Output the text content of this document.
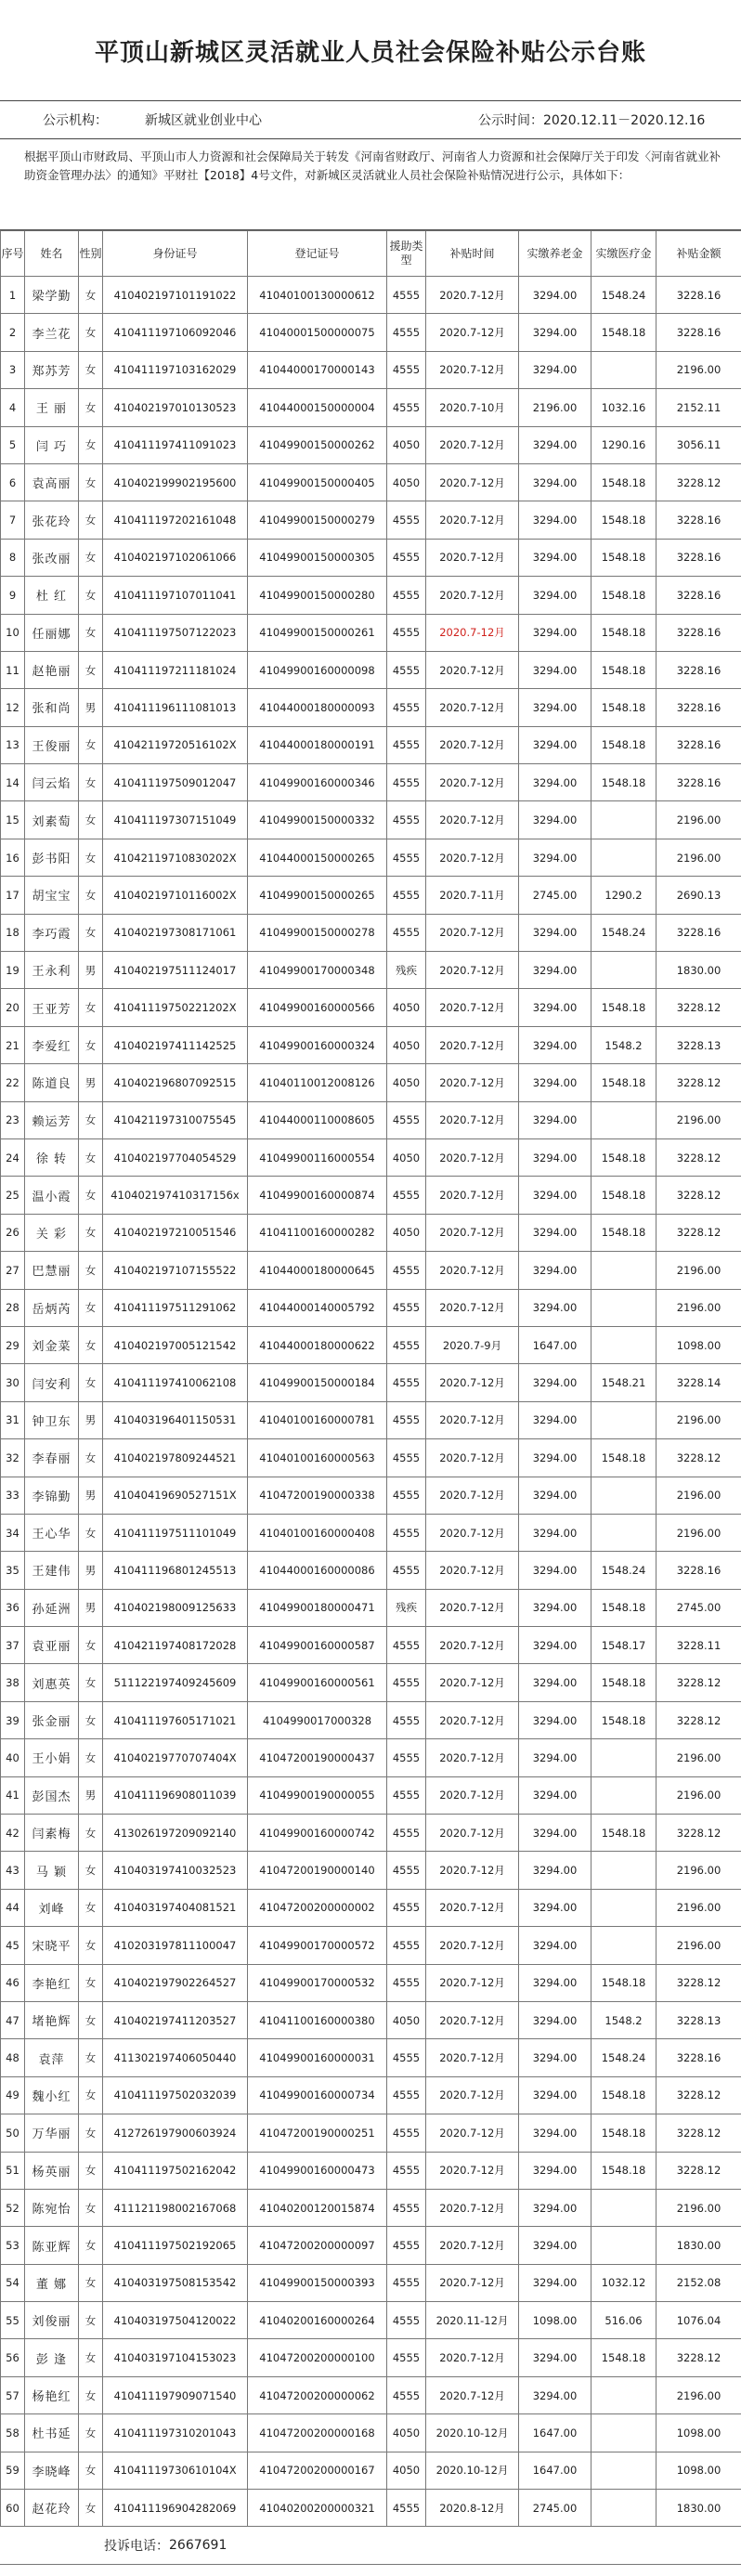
平顶山新城区灵活就业人员社会保险补贴公示台账
公示机构：	新城区就业创业中心	公示时间：2020.12.11－2020.12.16
根据平顶山市财政局、平顶山市人力资源和社会保障局关于转发《河南省财政厅、河南省人力资源和社会保障厅关于印发〈河南省就业补助资金管理办法〉的通知》平财社【2018】4号文件，对新城区灵活就业人员社会保险补贴情况进行公示，具体如下：
序号	姓名	性别	身份证号	登记证号	援助类型	补贴时间	实缴养老金	实缴医疗金	补贴金额
1	梁学勤	女	410402197101191022	41040100130000612	4555	2020.7-12月	3294.00	1548.24	3228.16
2	李兰花	女	410411197106092046	41040001500000075	4555	2020.7-12月	3294.00	1548.18	3228.16
3	郑苏芳	女	410411197103162029	41044000170000143	4555	2020.7-12月	3294.00		2196.00
4	王 丽	女	410402197010130523	41044000150000004	4555	2020.7-10月	2196.00	1032.16	2152.11
5	闫 巧	女	410411197411091023	41049900150000262	4050	2020.7-12月	3294.00	1290.16	3056.11
6	袁高丽	女	41040219990219560​0	41049900150000405	4050	2020.7-12月	3294.00	1548.18	3228.12
7	张花玲	女	410411197202161048	41049900150000279	4555	2020.7-12月	3294.00	1548.18	3228.16
8	张改丽	女	410402197102061066	41049900150000305	4555	2020.7-12月	3294.00	1548.18	3228.16
9	杜 红	女	410411197107011041	41049900150000280	4555	2020.7-12月	3294.00	1548.18	3228.16
10	任丽娜	女	410411197507122023	41049900150000261	4555	2020.7-12月	3294.00	1548.18	3228.16
11	赵艳丽	女	410411197211181024	41049900160000098	4555	2020.7-12月	3294.00	1548.18	3228.16
12	张和尚	男	410411196111081013	41044000180000093	4555	2020.7-12月	3294.00	1548.18	3228.16
13	王俊丽	女	41042119720516102X	41044000180000191	4555	2020.7-12月	3294.00	1548.18	3228.16
14	闫云焰	女	410411197509012047	41049900160000346	4555	2020.7-12月	3294.00	1548.18	3228.16
15	刘素萄	女	410411197307151049	41049900150000332	4555	2020.7-12月	3294.00		2196.00
16	彭书阳	女	41042119710830202X	41044000150000265	4555	2020.7-12月	3294.00		2196.00
17	胡宝宝	女	41040219710116002X	41049900150000265	4555	2020.7-11月	2745.00	1290.2	2690.13
18	李巧霞	女	410402197308171061	41049900150000278	4555	2020.7-12月	3294.00	1548.24	3228.16
19	王永利	男	410402197511124017	41049900170000348	残疾	2020.7-12月	3294.00		1830.00
20	王亚芳	女	41041119750221202X	41049900160000566	4050	2020.7-12月	3294.00	1548.18	3228.12
21	李爱红	女	410402197411142525	41049900160000324	4050	2020.7-12月	3294.00	1548.2	3228.13
22	陈道良	男	410402196807092515	41040110012008126	4050	2020.7-12月	3294.00	1548.18	3228.12
23	赖运芳	女	410421197310075545	41044000110008605	4555	2020.7-12月	3294.00		2196.00
24	徐 转	女	410402197704054529	41049900116000554	4050	2020.7-12月	3294.00	1548.18	3228.12
25	温小霞	女	41040219741031​7156x	41049900160000874	4555	2020.7-12月	3294.00	1548.18	3228.12
26	关 彩	女	410402197210051546	41041100160000282	4050	2020.7-12月	3294.00	1548.18	3228.12
27	巴慧丽	女	410402197107155522	41044000180000645	4555	2020.7-12月	3294.00		2196.00
28	岳炳芮	女	410411197511291062	41044000140005792	4555	2020.7-12月	3294.00		2196.00
29	刘金菜	女	410402197005121542	41044000180000622	4555	2020.7-9月	1647.00		1098.00
30	闫安利	女	410411197410062108	41049900150000184	4555	2020.7-12月	3294.00	1548.21	3228.14
31	钟卫东	男	410403196401150531	41040100160000781	4555	2020.7-12月	3294.00		2196.00
32	李春丽	女	410402197809244521	41040100160000563	4555	2020.7-12月	3294.00	1548.18	3228.12
33	李锦勤	男	41040419690527151X	41047200190000338	4555	2020.7-12月	3294.00		2196.00
34	王心华	女	410411197511101049	41040100160000408	4555	2020.7-12月	3294.00		2196.00
35	王建伟	男	410411196801245513	41044000160000086	4555	2020.7-12月	3294.00	1548.24	3228.16
36	孙延洲	男	410402198009125633	41049900180000471	残疾	2020.7-12月	3294.00	1548.18	2745.00
37	袁亚丽	女	410421197408172028	41049900160000587	4555	2020.7-12月	3294.00	1548.17	3228.11
38	刘惠英	女	511122197409245609	41049900160000561	4555	2020.7-12月	3294.00	1548.18	3228.12
39	张金丽	女	410411197605171021	410499001700032​8	4555	2020.7-12月	3294.00	1548.18	3228.12
40	王小娟	女	41040219770707404X	41047200190000437	4555	2020.7-12月	3294.00		2196.00
41	彭国杰	男	410411196908011039	41049900190000055	4555	2020.7-12月	3294.00		2196.00
42	闫素梅	女	413026197209092140	41049900160000742	4555	2020.7-12月	3294.00	1548.18	3228.12
43	马 颖	女	410403197410032523	41047200190000140	4555	2020.7-12月	3294.00		2196.00
44	刘峰	女	410403197404081521	41047200200000002	4555	2020.7-12月	3294.00		2196.00
45	宋晓平	女	410203197811100047	41049900170000572	4555	2020.7-12月	3294.00		2196.00
46	李艳红	女	410402197902264527	41049900170000532	4555	2020.7-12月	3294.00	1548.18	3228.12
47	堵艳辉	女	410402197411203527	41041100160000380	4050	2020.7-12月	3294.00	1548.2	3228.13
48	袁萍	女	411302197406050440	41049900160000031	4555	2020.7-12月	3294.00	1548.24	3228.16
49	魏小红	女	410411197502032039	41049900160000734	4555	2020.7-12月	3294.00	1548.18	3228.12
50	万华丽	女	41272619790060392​4	41047200190000251	4555	2020.7-12月	3294.00	1548.18	3228.12
51	杨英丽	女	410411197502162042	41049900160000473	4555	2020.7-12月	3294.00	1548.18	3228.12
52	陈宛怡	女	411121198002167068	41040200120015874	4555	2020.7-12月	3294.00		2196.00
53	陈亚辉	女	410411197502192065	41047200200000097	4555	2020.7-12月	3294.00		1830.00
54	董 娜	女	410403197508153542	41049900150000393	4555	2020.7-12月	3294.00	1032.12	2152.08
55	刘俊丽	女	410403197504120022	41040200160000264	4555	2020.11-12月	1098.00	516.06	1076.04
56	彭 逢	女	410403197104153023	41047200200000100	4555	2020.7-12月	3294.00	1548.18	3228.12
57	杨艳红	女	410411197909071540	41047200200000062	4555	2020.7-12月	3294.00		2196.00
58	杜书延	女	410411197310201043	41047200200000168	4050	2020.10-12月	1647.00		1098.00
59	李晓峰	女	41041119730610104X	41047200200000167	4050	2020.10-12月	1647.00		1098.00
60	赵花玲	女	410411196904282069	41040200200000321	4555	2020.8-12月	2745.00		1830.00
投诉电话： 2667691
